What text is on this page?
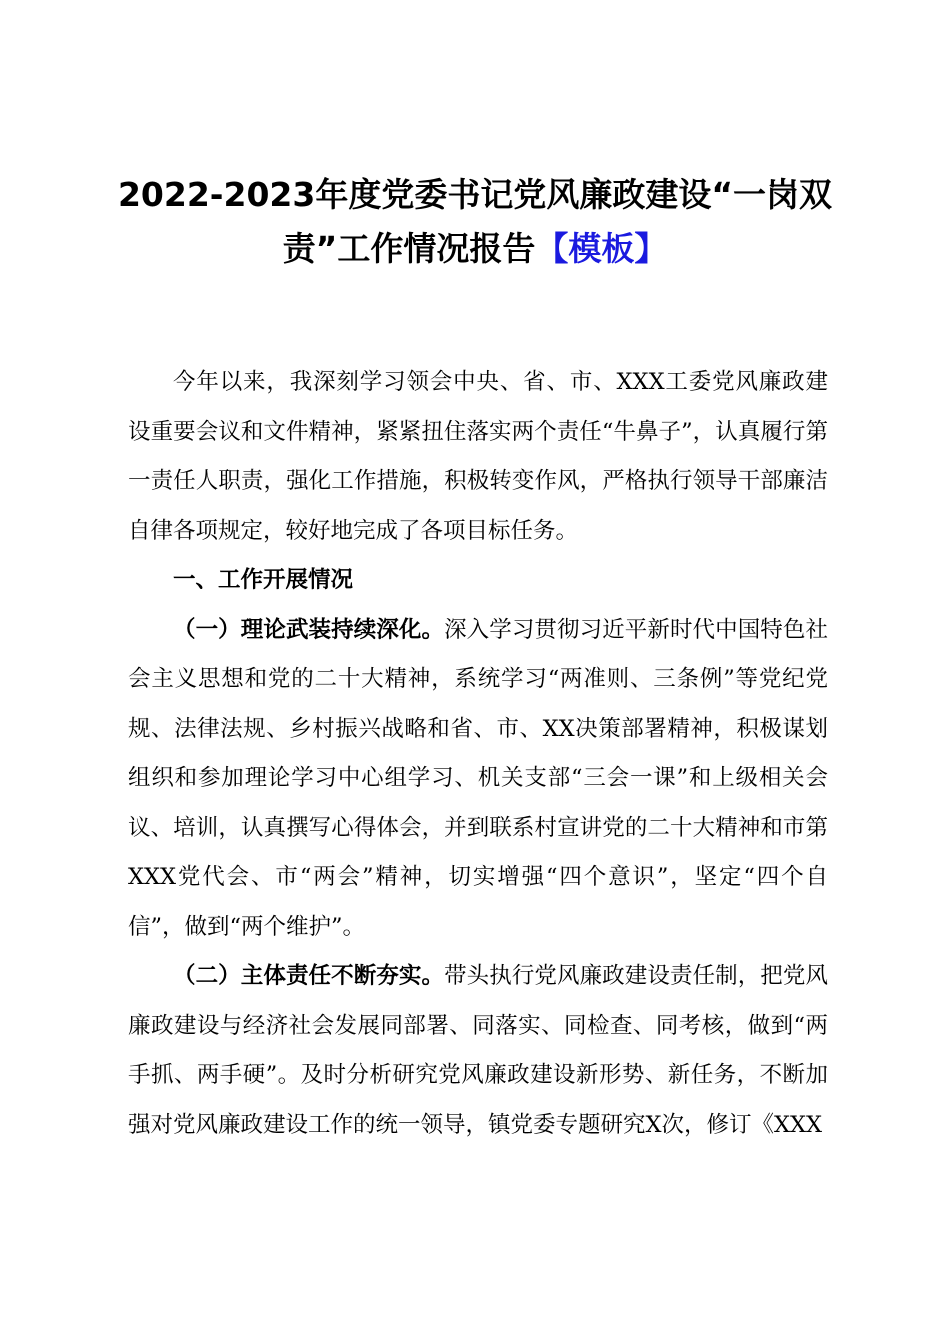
2022-2023年度党委书记党风廉政建设“一岗双责”工作情况报告【模板】

今年以来，我深刻学习领会中央、省、市、XXX工委党风廉政建设重要会议和文件精神，紧紧扭住落实两个责任“牛鼻子”，认真履行第一责任人职责，强化工作措施，积极转变作风，严格执行领导干部廉洁自律各项规定，较好地完成了各项目标任务。

一、工作开展情况

（一）理论武装持续深化。深入学习贯彻习近平新时代中国特色社会主义思想和党的二十大精神，系统学习“两准则、三条例”等党纪党规、法律法规、乡村振兴战略和省、市、XX决策部署精神，积极谋划组织和参加理论学习中心组学习、机关支部“三会一课”和上级相关会议、培训，认真撰写心得体会，并到联系村宣讲党的二十大精神和市第XXX党代会、市“两会”精神，切实增强“四个意识”，坚定“四个自信”，做到“两个维护”。

（二）主体责任不断夯实。带头执行党风廉政建设责任制，把党风廉政建设与经济社会发展同部署、同落实、同检查、同考核，做到“两手抓、两手硬”。及时分析研究党风廉政建设新形势、新任务，不断加强对党风廉政建设工作的统一领导，镇党委专题研究X次，修订《XXX
